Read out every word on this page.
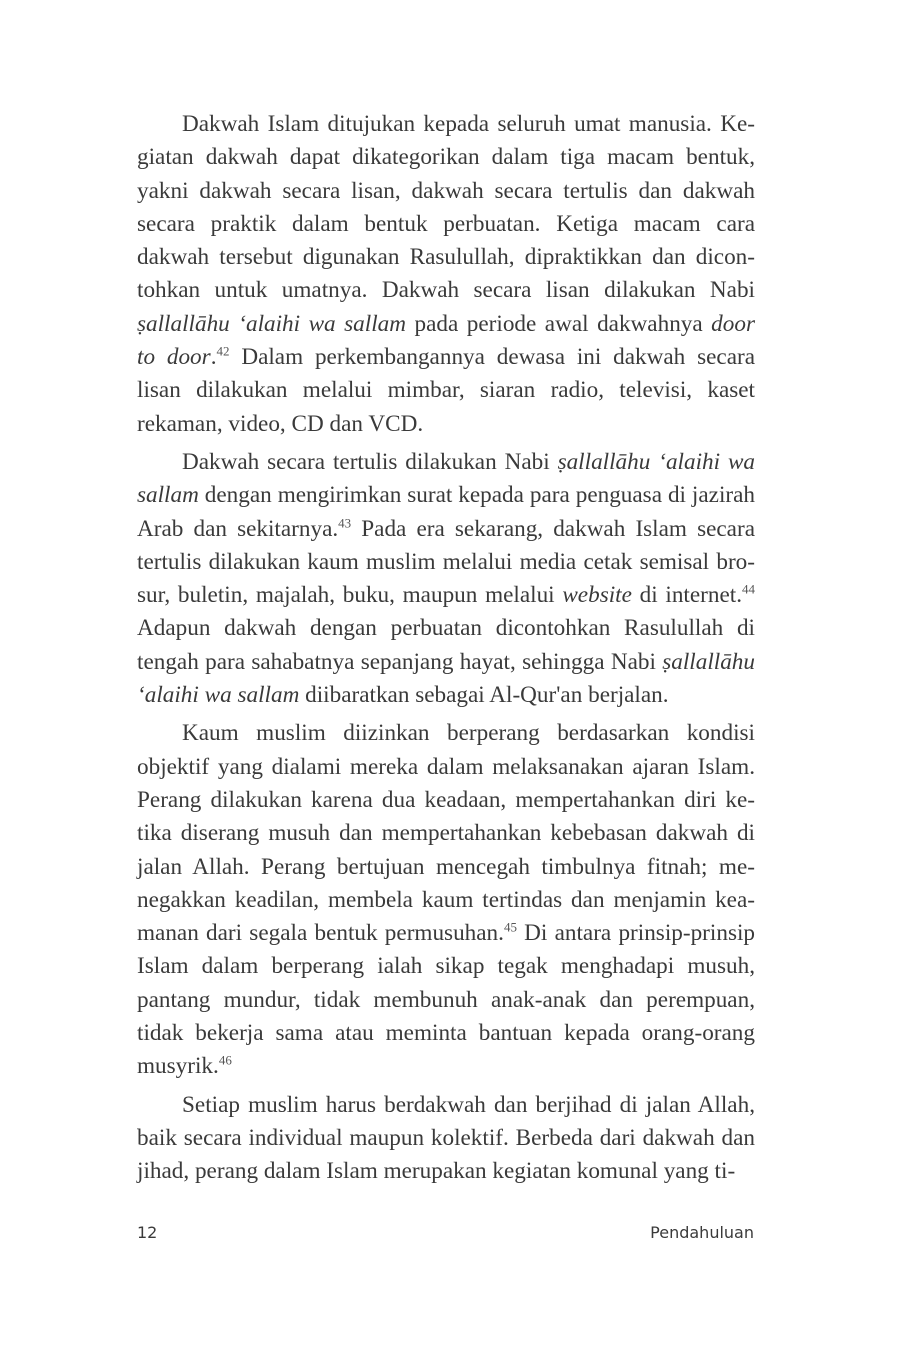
Dakwah Islam ditujukan kepada seluruh umat manusia. Kegiatan dakwah dapat dikategorikan dalam tiga macam bentuk, yakni dakwah secara lisan, dakwah secara tertulis dan dakwah secara praktik dalam bentuk perbuatan. Ketiga macam cara dakwah tersebut digunakan Rasulullah, dipraktikkan dan dicontohkan untuk umatnya. Dakwah secara lisan dilakukan Nabi ṣallallāhu ‘alaihi wa sallam pada periode awal dakwahnya door to door.$^{42}$ Dalam perkembangannya dewasa ini dakwah secara lisan dilakukan melalui mimbar, siaran radio, televisi, kaset rekaman, video, CD dan VCD.

Dakwah secara tertulis dilakukan Nabi ṣallallāhu ‘alaihi wa sallam dengan mengirimkan surat kepada para penguasa di jazirah Arab dan sekitarnya.$^{43}$ Pada era sekarang, dakwah Islam secara tertulis dilakukan kaum muslim melalui media cetak semisal brosur, buletin, majalah, buku, maupun melalui website di internet.$^{44}$ Adapun dakwah dengan perbuatan dicontohkan Rasulullah di tengah para sahabatnya sepanjang hayat, sehingga Nabi ṣallallāhu ‘alaihi wa sallam diibaratkan sebagai Al-Qur'an berjalan.

Kaum muslim diizinkan berperang berdasarkan kondisi objektif yang dialami mereka dalam melaksanakan ajaran Islam. Perang dilakukan karena dua keadaan, mempertahankan diri ketika diserang musuh dan mempertahankan kebebasan dakwah di jalan Allah. Perang bertujuan mencegah timbulnya fitnah; menegakkan keadilan, membela kaum tertindas dan menjamin keamanan dari segala bentuk permusuhan.$^{45}$ Di antara prinsip-prinsip Islam dalam berperang ialah sikap tegak menghadapi musuh, pantang mundur, tidak membunuh anak-anak dan perempuan, tidak bekerja sama atau meminta bantuan kepada orang-orang musyrik.$^{46}$

Setiap muslim harus berdakwah dan berjihad di jalan Allah, baik secara individual maupun kolektif. Berbeda dari dakwah dan jihad, perang dalam Islam merupakan kegiatan komunal yang ti-

12	Pendahuluan
